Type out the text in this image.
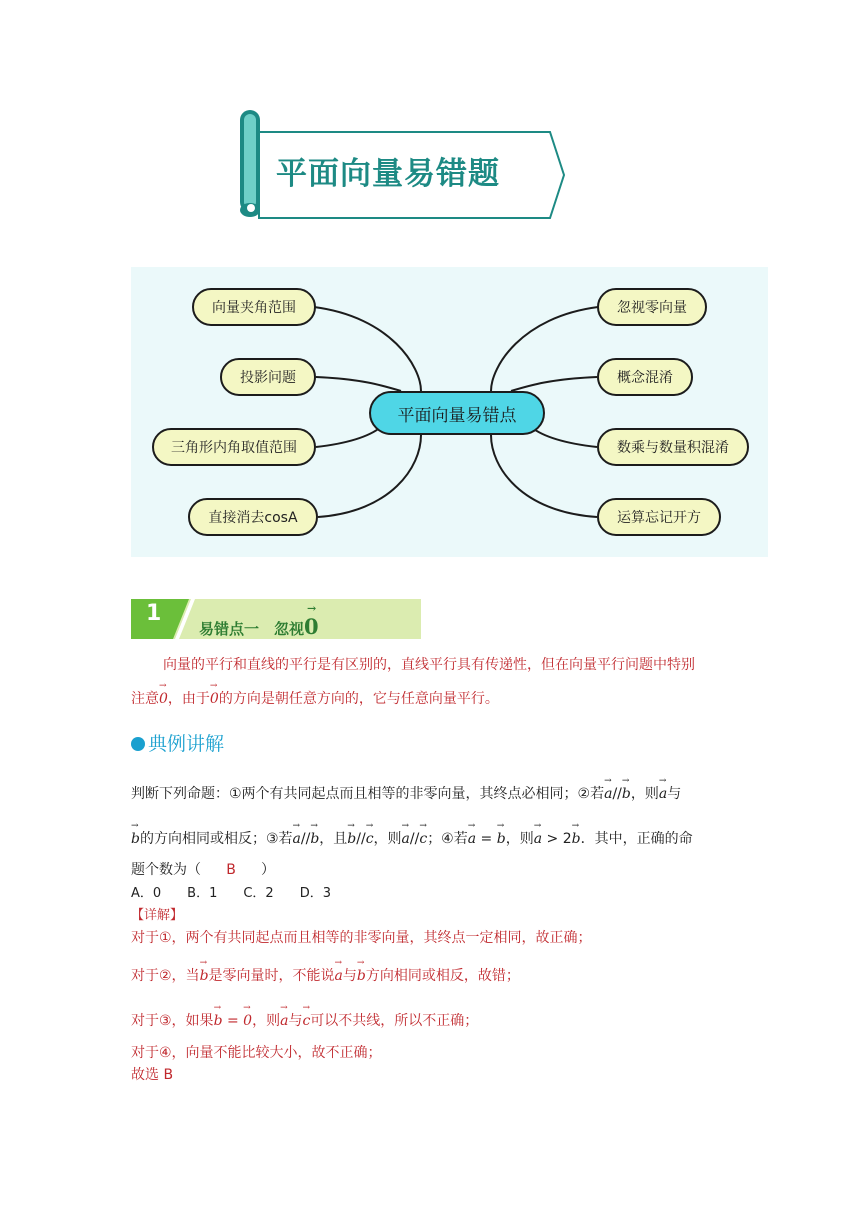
平面向量易错题
向量夹角范围
投影问题
三角形内角取值范围
直接消去cosA
忽视零向量
概念混淆
数乘与数量积混淆
运算忘记开方
平面向量易错点
1
易错点一　忽视
→
0
向量的平行和直线的平行是有区别的，直线平行具有传递性，但在向量平行问题中特别
注意→ 0，由于→ 0的方向是朝任意方向的，它与任意向量平行。
典例讲解
判断下列命题：①两个有共同起点而且相等的非零向量，其终点必相同；②若→ a//→ b，则→ a与
→ b的方向相同或相反；③若→ a//→ b，且→ b//→ c，则→ a//→ c；④若→ a = → b，则→ a > 2→ b．其中，正确的命
题个数为（ B ）
A．0　　B．1　　C．2　　D．3
【详解】
对于①，两个有共同起点而且相等的非零向量，其终点一定相同，故正确；
对于②，当→ b是零向量时，不能说→ a与→ b方向相同或相反，故错；
对于③，如果→ b = → 0，则→ a与→ c可以不共线，所以不正确；
对于④，向量不能比较大小，故不正确；
故选 B
